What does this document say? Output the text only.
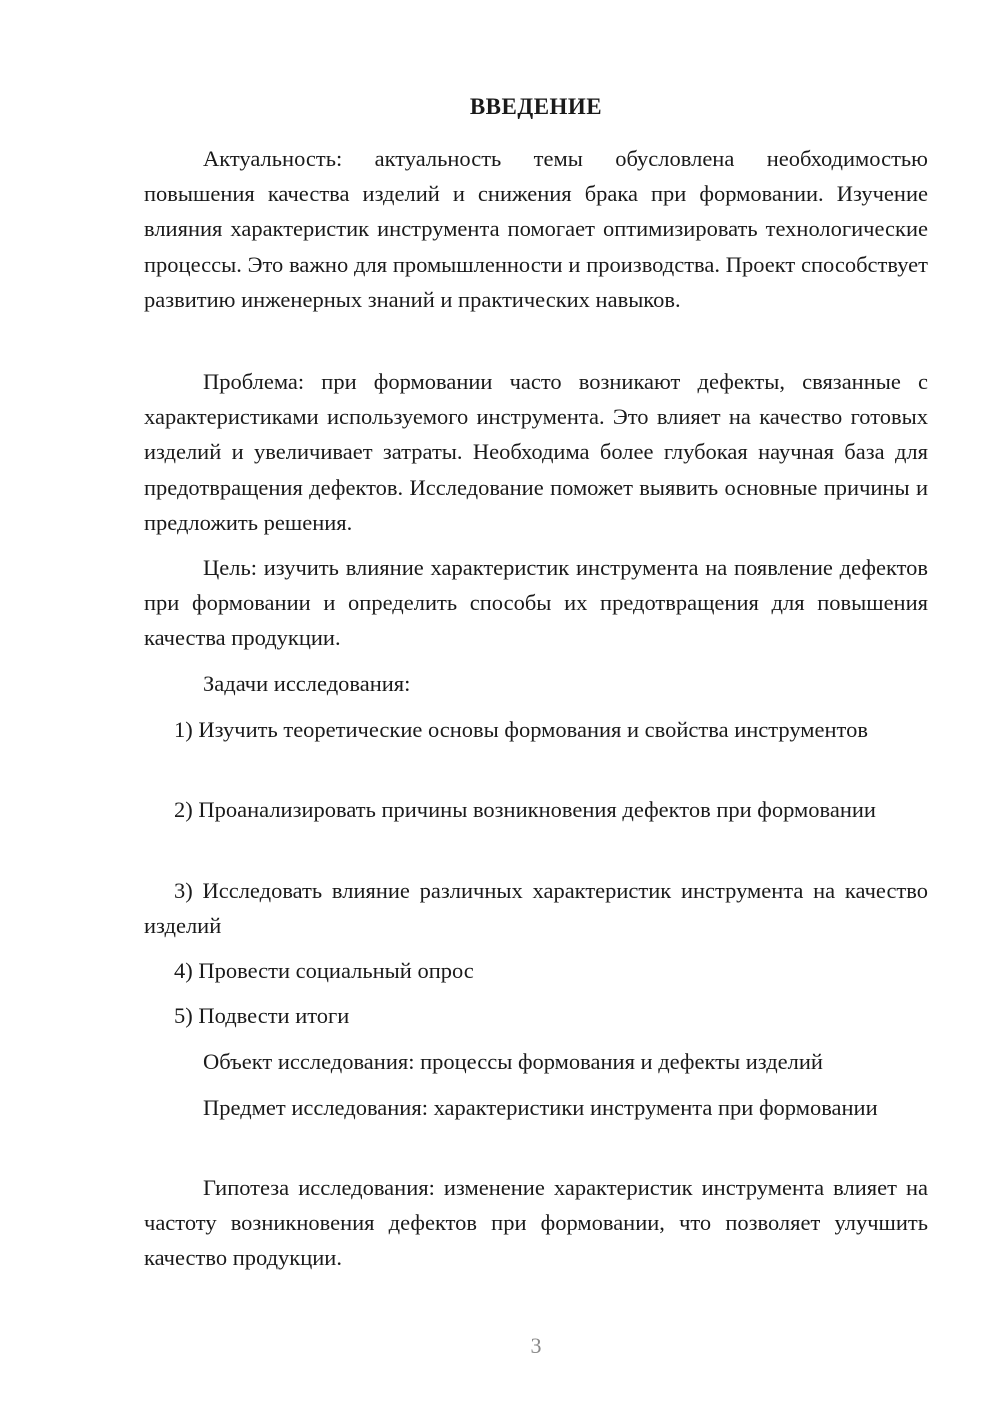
ВВЕДЕНИЕ
Актуальность: актуальность темы обусловлена необходимостью повышения качества изделий и снижения брака при формовании. Изучение влияния характеристик инструмента помогает оптимизировать технологические процессы. Это важно для промышленности и производства. Проект способствует развитию инженерных знаний и практических навыков.
Проблема: при формовании часто возникают дефекты, связанные с характеристиками используемого инструмента. Это влияет на качество готовых изделий и увеличивает затраты. Необходима более глубокая научная база для предотвращения дефектов. Исследование поможет выявить основные причины и предложить решения.
Цель: изучить влияние характеристик инструмента на появление дефектов при формовании и определить способы их предотвращения для повышения качества продукции.
Задачи исследования:
1) Изучить теоретические основы формования и свойства инструментов
2) Проанализировать причины возникновения дефектов при формовании
3) Исследовать влияние различных характеристик инструмента на качество изделий
4) Провести социальный опрос
5) Подвести итоги
Объект исследования: процессы формования и дефекты изделий
Предмет исследования: характеристики инструмента при формовании
Гипотеза исследования: изменение характеристик инструмента влияет на частоту возникновения дефектов при формовании, что позволяет улучшить качество продукции.
3
